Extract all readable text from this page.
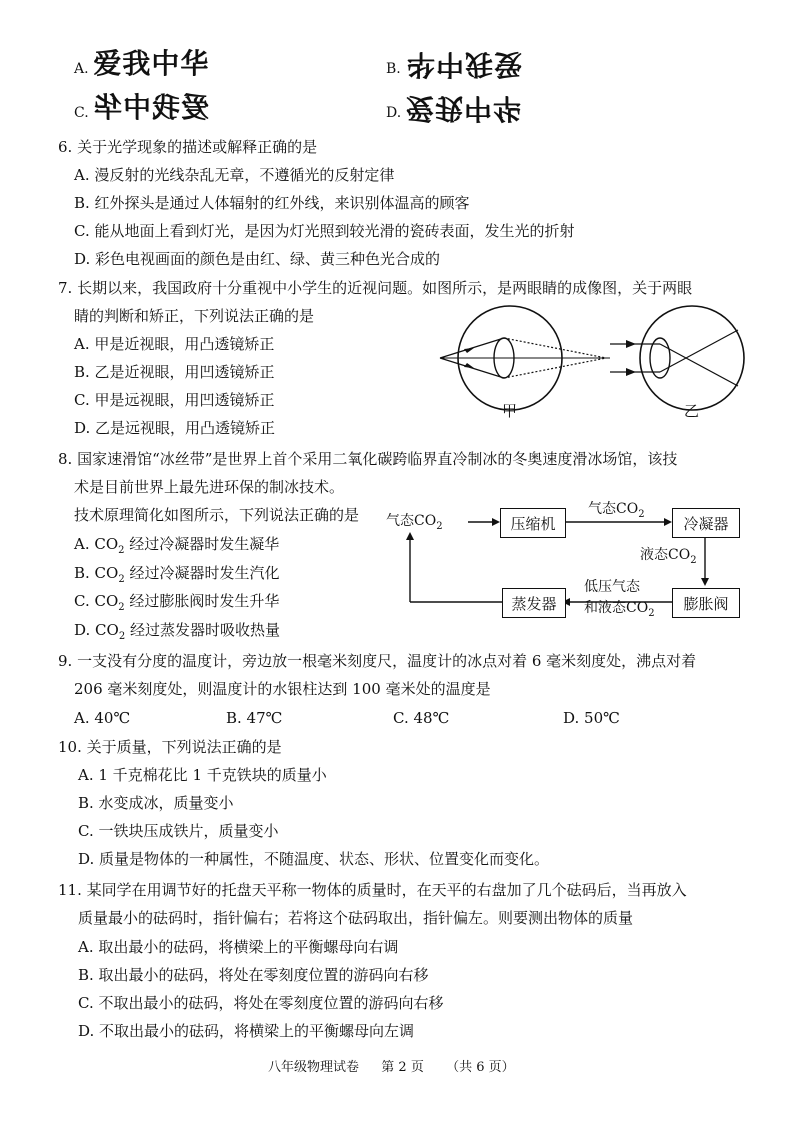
A. 爱我中华	B. 爱我中华
C. 爱我中华	D. 爱我中华
6. 关于光学现象的描述或解释正确的是
A. 漫反射的光线杂乱无章，不遵循光的反射定律
B. 红外探头是通过人体辐射的红外线，来识别体温高的顾客
C. 能从地面上看到灯光，是因为灯光照到较光滑的瓷砖表面，发生光的折射
D. 彩色电视画面的颜色是由红、绿、黄三种色光合成的
7. 长期以来，我国政府十分重视中小学生的近视问题。如图所示，是两眼睛的成像图，关于两眼
睛的判断和矫正，下列说法正确的是
A. 甲是近视眼，用凸透镜矫正
B. 乙是近视眼，用凹透镜矫正
C. 甲是远视眼，用凹透镜矫正
D. 乙是远视眼，用凸透镜矫正
甲	乙
8. 国家速滑馆“冰丝带”是世界上首个采用二氧化碳跨临界直冷制冰的冬奥速度滑冰场馆，该技
术是目前世界上最先进环保的制冰技术。
技术原理简化如图所示，下列说法正确的是
A. $CO_2$ 经过冷凝器时发生凝华
B. $CO_2$ 经过冷凝器时发生汽化
C. $CO_2$ 经过膨胀阀时发生升华
D. $CO_2$ 经过蒸发器时吸收热量
气态$CO_2$	压缩机
气态$CO_2$
冷凝器
液态$CO_2$
膨胀阀
低压气态
和液态$CO_2$
蒸发器
9. 一支没有分度的温度计，旁边放一根毫米刻度尺，温度计的冰点对着 6 毫米刻度处，沸点对着
206 毫米刻度处，则温度计的水银柱达到 100 毫米处的温度是
A. 40℃	B. 47℃	C. 48℃	D. 50℃
10. 关于质量，下列说法正确的是
A. 1 千克棉花比 1 千克铁块的质量小
B. 水变成冰，质量变小
C. 一铁块压成铁片，质量变小
D. 质量是物体的一种属性，不随温度、状态、形状、位置变化而变化。
11. 某同学在用调节好的托盘天平称一物体的质量时，在天平的右盘加了几个砝码后，当再放入
质量最小的砝码时，指针偏右；若将这个砝码取出，指针偏左。则要测出物体的质量
A. 取出最小的砝码，将横梁上的平衡螺母向右调
B. 取出最小的砝码，将处在零刻度位置的游码向右移
C. 不取出最小的砝码，将处在零刻度位置的游码向右移
D. 不取出最小的砝码，将横梁上的平衡螺母向左调
八年级物理试卷 第 2 页 （共 6 页）
